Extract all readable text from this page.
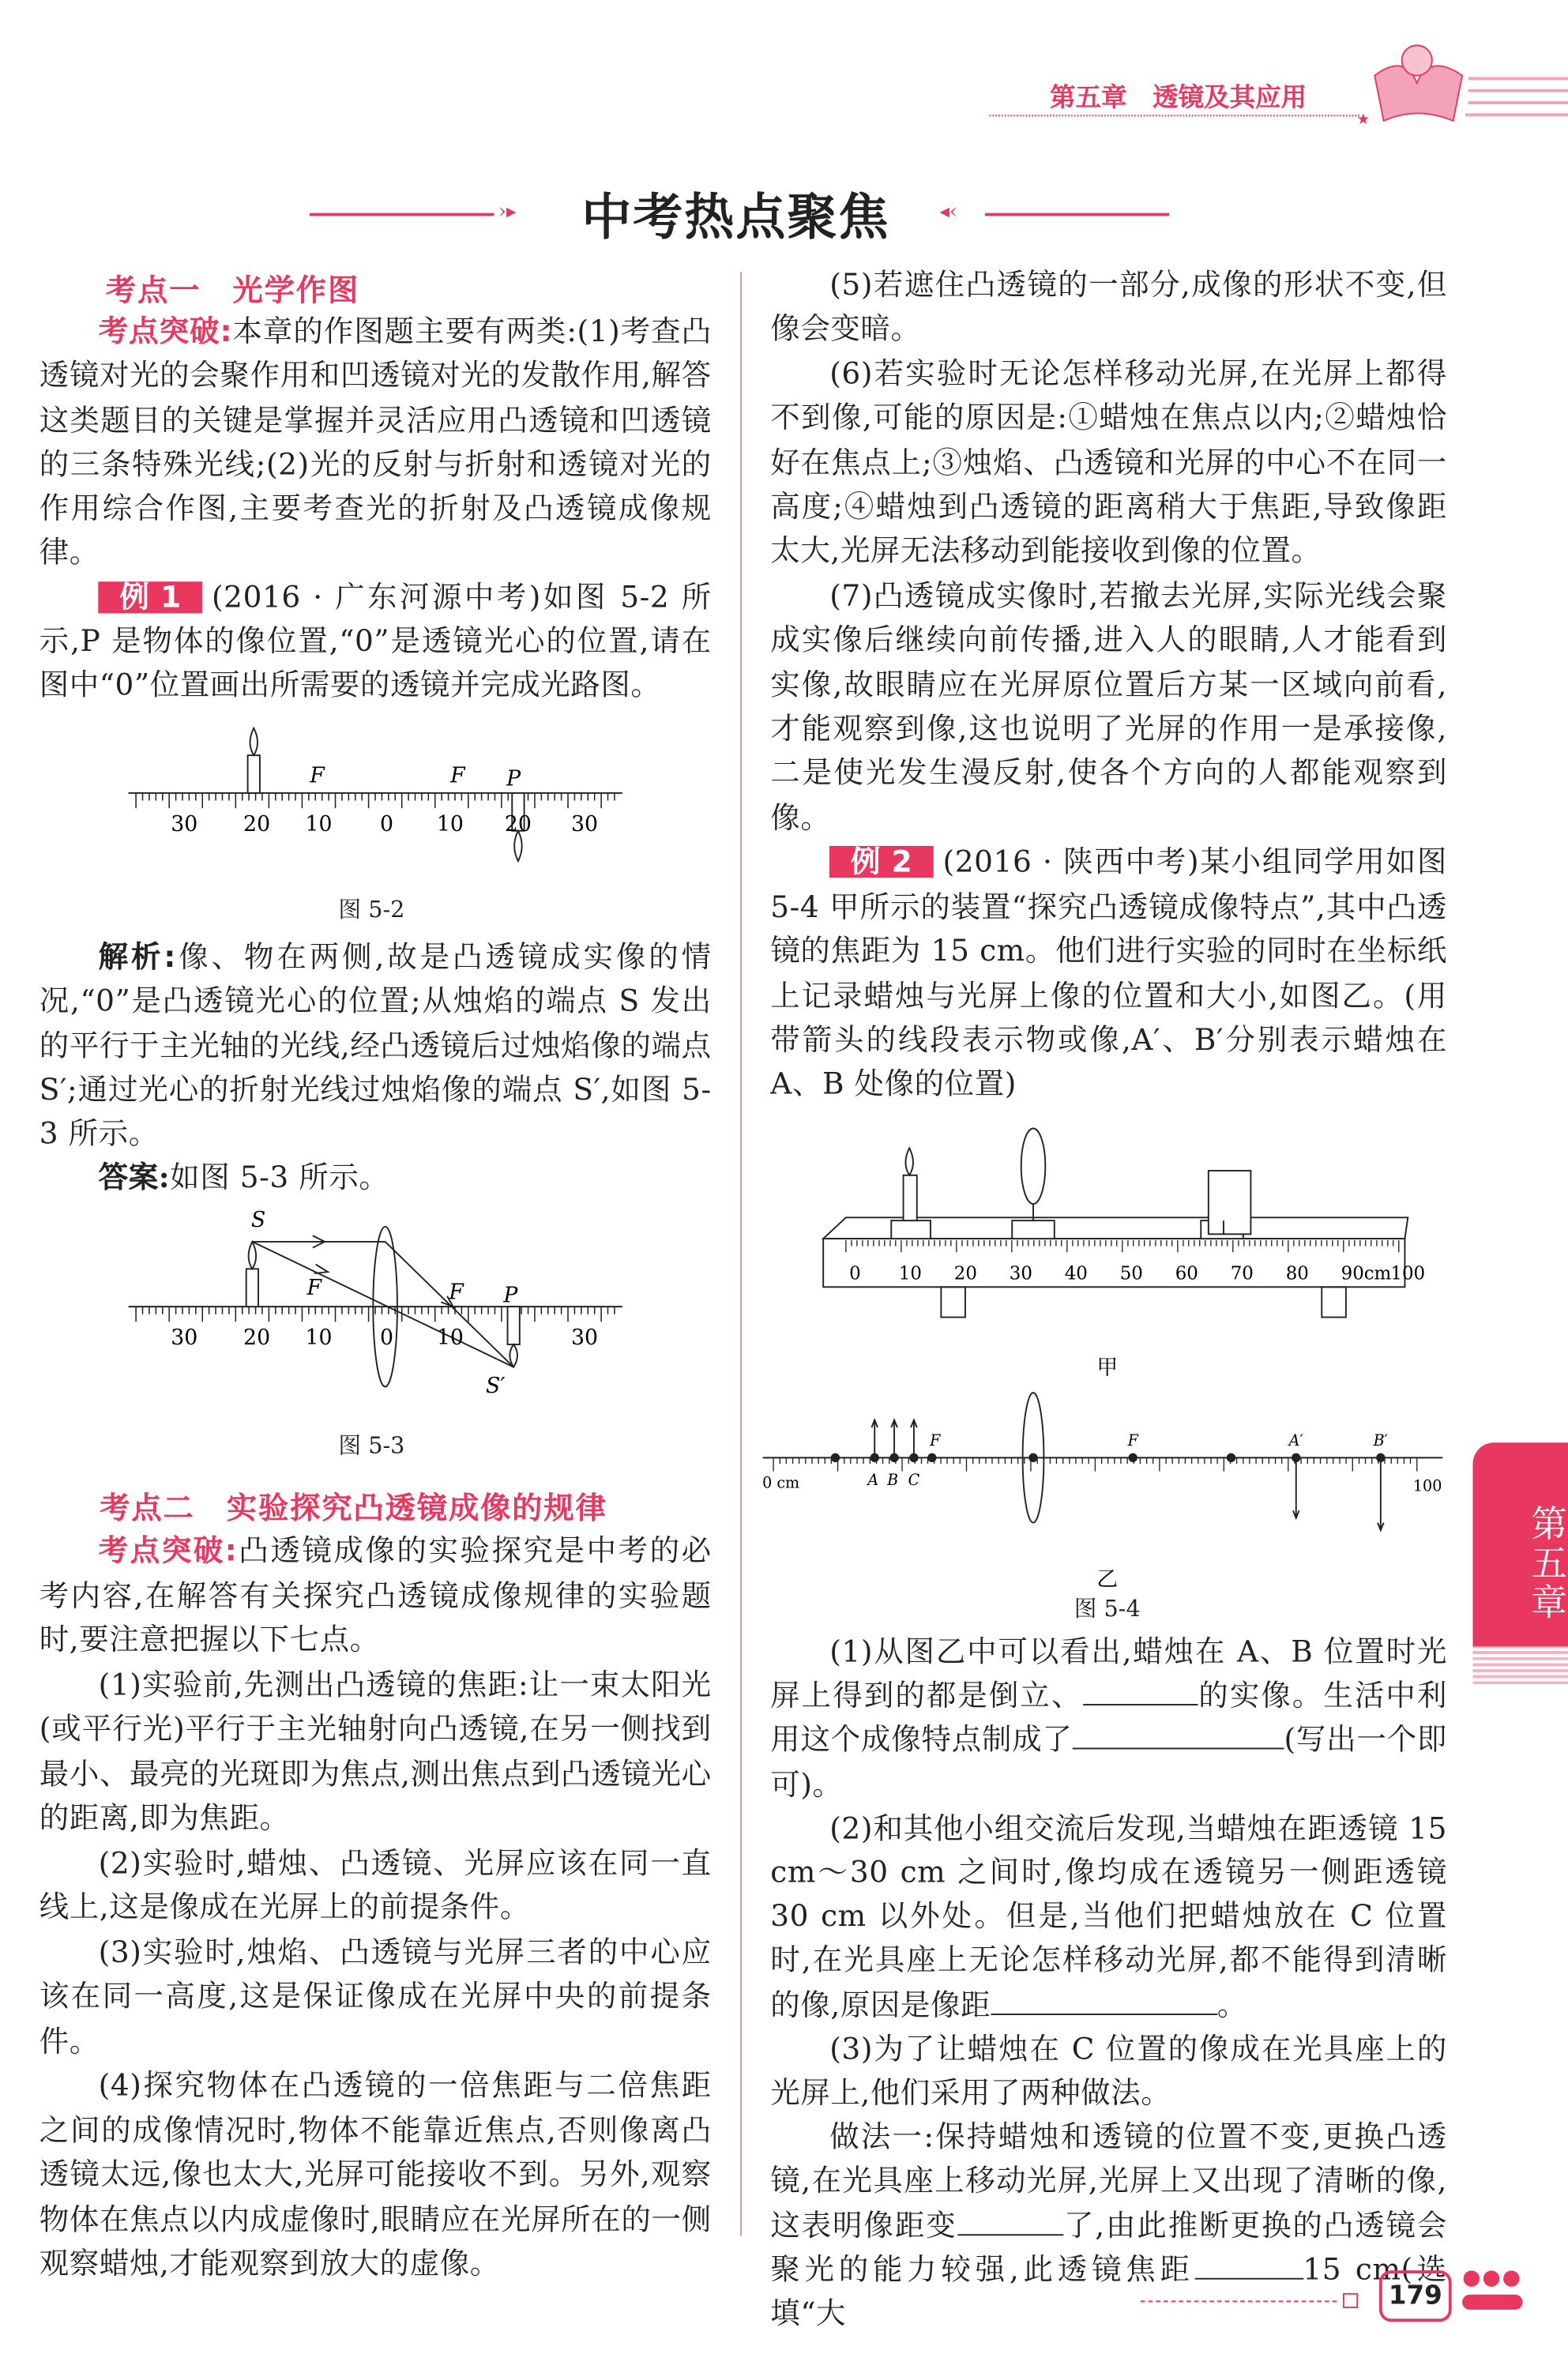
第五章　透镜及其应用
★
›▸	中考热点聚焦	◂‹
考点一　光学作图

考点突破:本章的作图题主要有两类:(1)考查凸透镜对光的会聚作用和凹透镜对光的发散作用,解答这类题目的关键是掌握并灵活应用凸透镜和凹透镜的三条特殊光线;(2)光的反射与折射和透镜对光的作用综合作图,主要考查光的折射及凸透镜成像规律。

例 1 (2016 · 广东河源中考)如图 5-2 所示,P 是物体的像位置,“0”是透镜光心的位置,请在图中“0”位置画出所需要的透镜并完成光路图。

F	F	P
30	20	10	0	10	20	30
S
F	F	P
S′
30	20	10	0	10	30
图 5-2

解析:像、物在两侧,故是凸透镜成实像的情况,“0”是凸透镜光心的位置;从烛焰的端点 S 发出的平行于主光轴的光线,经凸透镜后过烛焰像的端点 S′;通过光心的折射光线过烛焰像的端点 S′,如图 5-3 所示。

答案:如图 5-3 所示。

图 5-3
考点二　实验探究凸透镜成像的规律

考点突破:凸透镜成像的实验探究是中考的必考内容,在解答有关探究凸透镜成像规律的实验题时,要注意把握以下七点。

(1)实验前,先测出凸透镜的焦距:让一束太阳光(或平行光)平行于主光轴射向凸透镜,在另一侧找到最小、最亮的光斑即为焦点,测出焦点到凸透镜光心的距离,即为焦距。

(2)实验时,蜡烛、凸透镜、光屏应该在同一直线上,这是像成在光屏上的前提条件。

(3)实验时,烛焰、凸透镜与光屏三者的中心应该在同一高度,这是保证像成在光屏中央的前提条件。

(4)探究物体在凸透镜的一倍焦距与二倍焦距之间的成像情况时,物体不能靠近焦点,否则像离凸透镜太远,像也太大,光屏可能接收不到。另外,观察物体在焦点以内成虚像时,眼睛应在光屏所在的一侧观察蜡烛,才能观察到放大的虚像。

(5)若遮住凸透镜的一部分,成像的形状不变,但像会变暗。

(6)若实验时无论怎样移动光屏,在光屏上都得不到像,可能的原因是:①蜡烛在焦点以内;②蜡烛恰好在焦点上;③烛焰、凸透镜和光屏的中心不在同一高度;④蜡烛到凸透镜的距离稍大于焦距,导致像距太大,光屏无法移动到能接收到像的位置。

(7)凸透镜成实像时,若撤去光屏,实际光线会聚成实像后继续向前传播,进入人的眼睛,人才能看到实像,故眼睛应在光屏原位置后方某一区域向前看,才能观察到像,这也说明了光屏的作用一是承接像,二是使光发生漫反射,使各个方向的人都能观察到像。

例 2 (2016 · 陕西中考)某小组同学用如图 5-4 甲所示的装置“探究凸透镜成像特点”,其中凸透镜的焦距为 15 cm。他们进行实验的同时在坐标纸上记录蜡烛与光屏上像的位置和大小,如图乙。(用带箭头的线段表示物或像,A′、B′分别表示蜡烛在 A、B 处像的位置)

0	10	20	30	40	50	60	70	80	90	100
cm
甲
0 cm	100
A B C
F	F	A′	B′
乙
图 5-4

(1)从图乙中可以看出,蜡烛在 A、B 位置时光屏上得到的都是倒立、	的实像。生活中利用这个成像特点制成了	(写出一个即可)。

(2)和其他小组交流后发现,当蜡烛在距透镜 15 cm～30 cm 之间时,像均成在透镜另一侧距透镜 30 cm 以外处。但是,当他们把蜡烛放在 C 位置时,在光具座上无论怎样移动光屏,都不能得到清晰的像,原因是像距	。

(3)为了让蜡烛在 C 位置的像成在光具座上的光屏上,他们采用了两种做法。

做法一:保持蜡烛和透镜的位置不变,更换凸透镜,在光具座上移动光屏,光屏上又出现了清晰的像,这表明像距变	了,由此推断更换的凸透镜会聚光的能力较强,此透镜焦距	15 cm(选填“大

第五章
179
●●●
